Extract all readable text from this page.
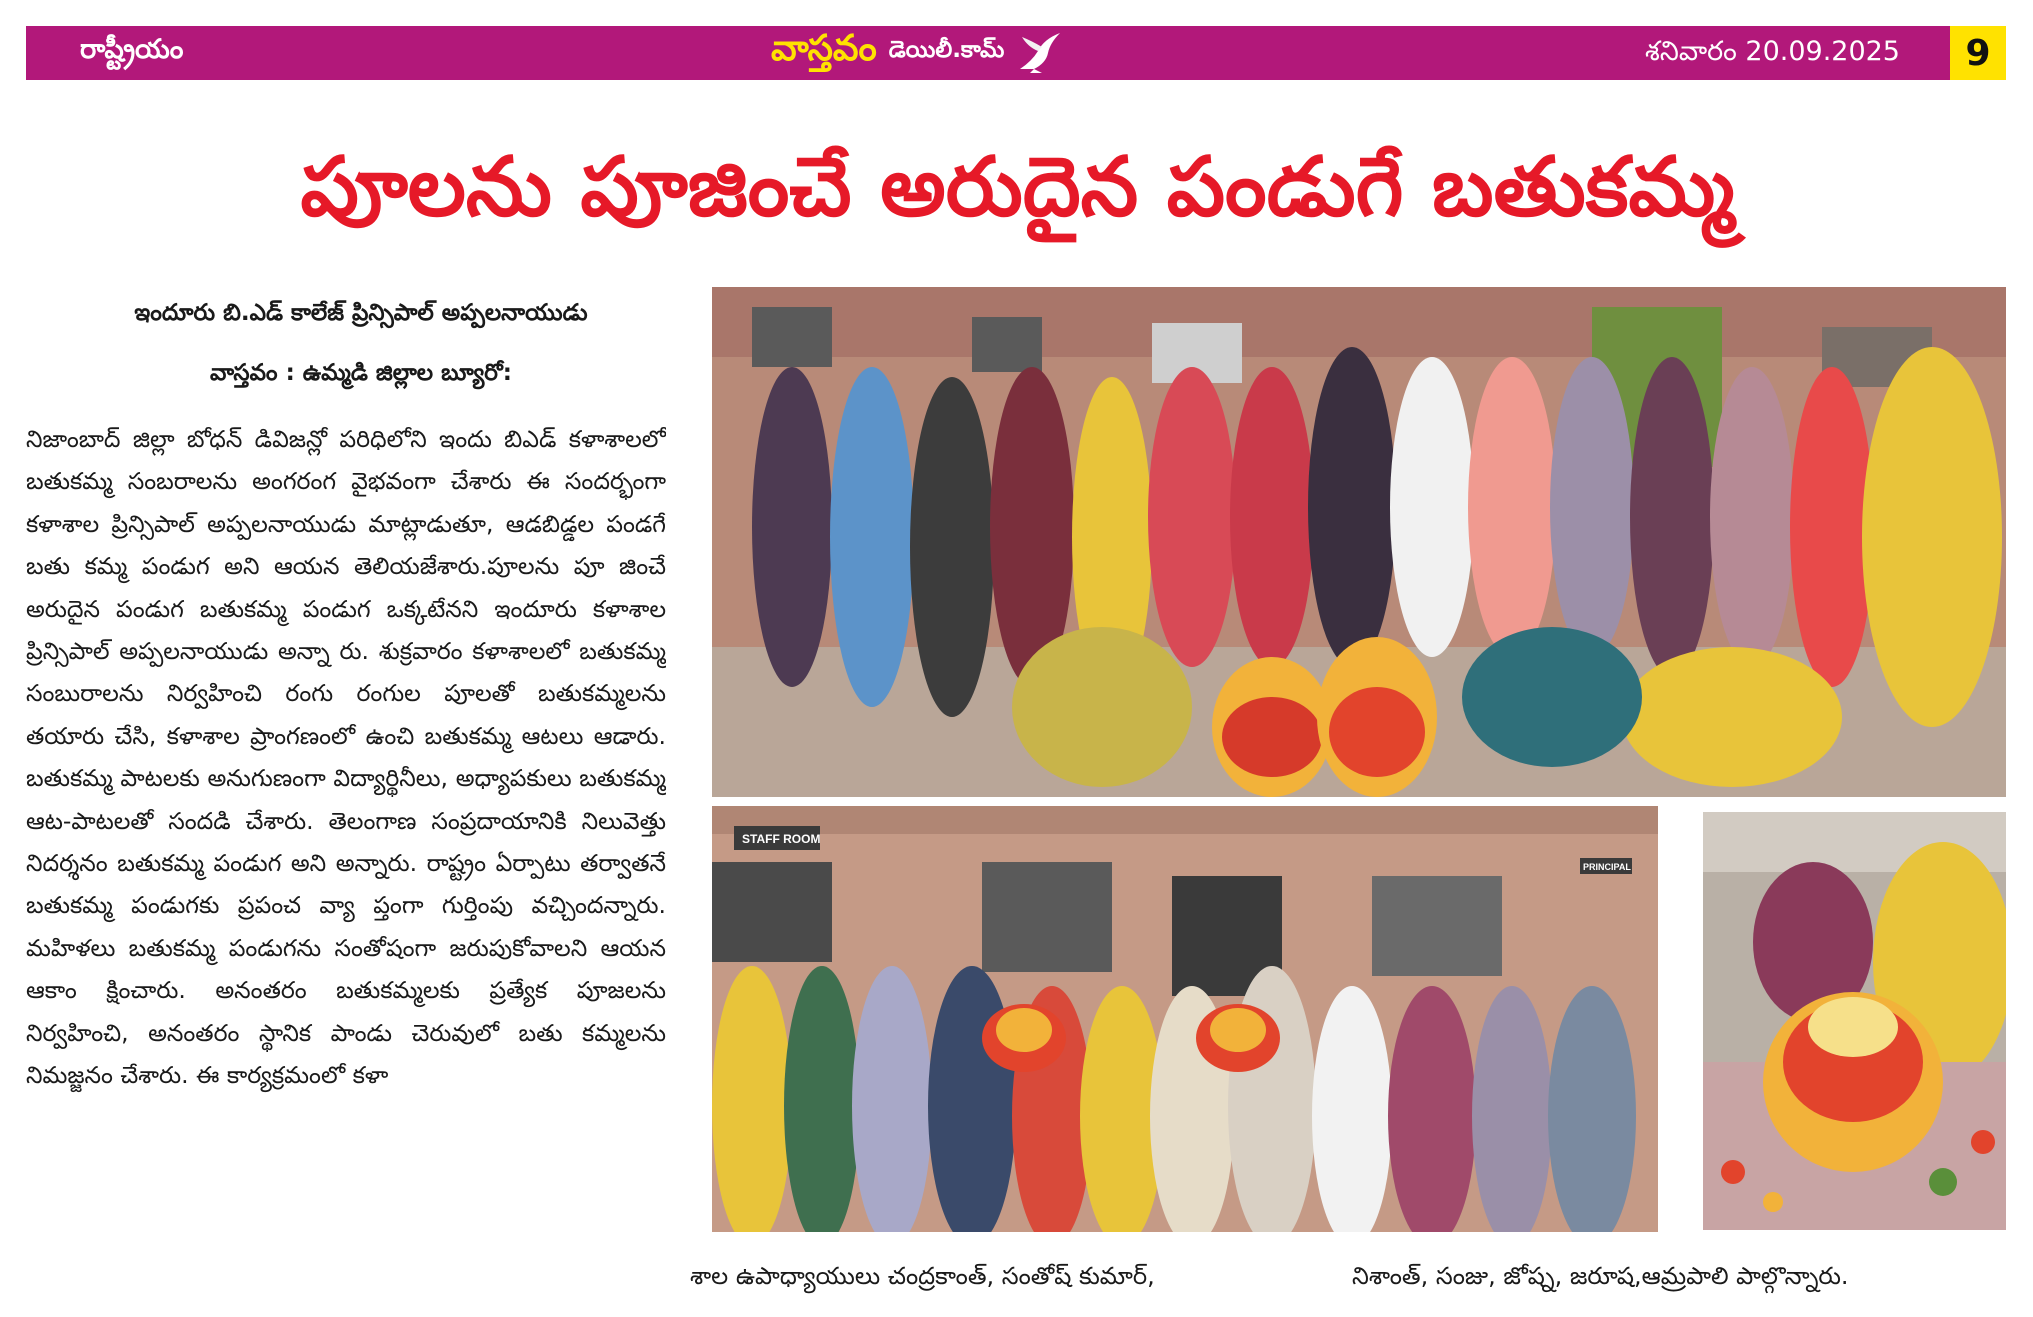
రాష్ట్రీయం	వాస్తవం డెయిలీ.కామ్	శనివారం 20.09.2025	9
పూలను పూజించే అరుదైన పండుగే బతుకమ్మ
ఇందూరు బి.ఎడ్ కాలేజ్ ప్రిన్సిపాల్ అప్పలనాయుడు
వాస్తవం : ఉమ్మడి జిల్లాల బ్యూరో:

నిజాంబాద్ జిల్లా బోధన్ డివిజన్లో పరిధిలోని ఇందు బిఎడ్ కళాశాలలో బతుకమ్మ సంబరాలను అంగరంగ వైభవంగా చేశారు ఈ సందర్భంగా కళాశాల ప్రిన్సిపాల్ అప్పలనాయుడు మాట్లాడుతూ, ఆడబిడ్డల పండగే బతు కమ్మ పండుగ అని ఆయన తెలియజేశారు.పూలను పూ జించే అరుదైన పండుగ బతుకమ్మ పండుగ ఒక్కటేనని ఇందూరు కళాశాల ప్రిన్సిపాల్ అప్పలనాయుడు అన్నా రు. శుక్రవారం కళాశాలలో బతుకమ్మ సంబురాలను నిర్వహించి రంగు రంగుల పూలతో బతుకమ్మలను తయారు చేసి, కళాశాల ప్రాంగణంలో ఉంచి బతుకమ్మ ఆటలు ఆడారు. బతుకమ్మ పాటలకు అనుగుణంగా విద్యార్థినీలు, అధ్యాపకులు బతుకమ్మ ఆట-పాటలతో సందడి చేశారు. తెలంగాణ సంప్రదాయానికి నిలువెత్తు నిదర్శనం బతుకమ్మ పండుగ అని అన్నారు. రాష్ట్రం ఏర్పాటు తర్వాతనే బతుకమ్మ పండుగకు ప్రపంచ వ్యా ప్తంగా గుర్తింపు వచ్చిందన్నారు. మహిళలు బతుకమ్మ పండుగను సంతోషంగా జరుపుకోవాలని ఆయన ఆకాం క్షించారు. అనంతరం బతుకమ్మలకు ప్రత్యేక పూజలను నిర్వహించి, అనంతరం స్థానిక పాండు చెరువులో బతు కమ్మలను నిమజ్జనం చేశారు. ఈ కార్యక్రమంలో కళా

STAFF ROOM
PRINCIPAL
శాల ఉపాధ్యాయులు చంద్రకాంత్, సంతోష్ కుమార్,	నిశాంత్, సంజు, జోష్న, జరూష,ఆమ్రపాలి పాల్గొన్నారు.
